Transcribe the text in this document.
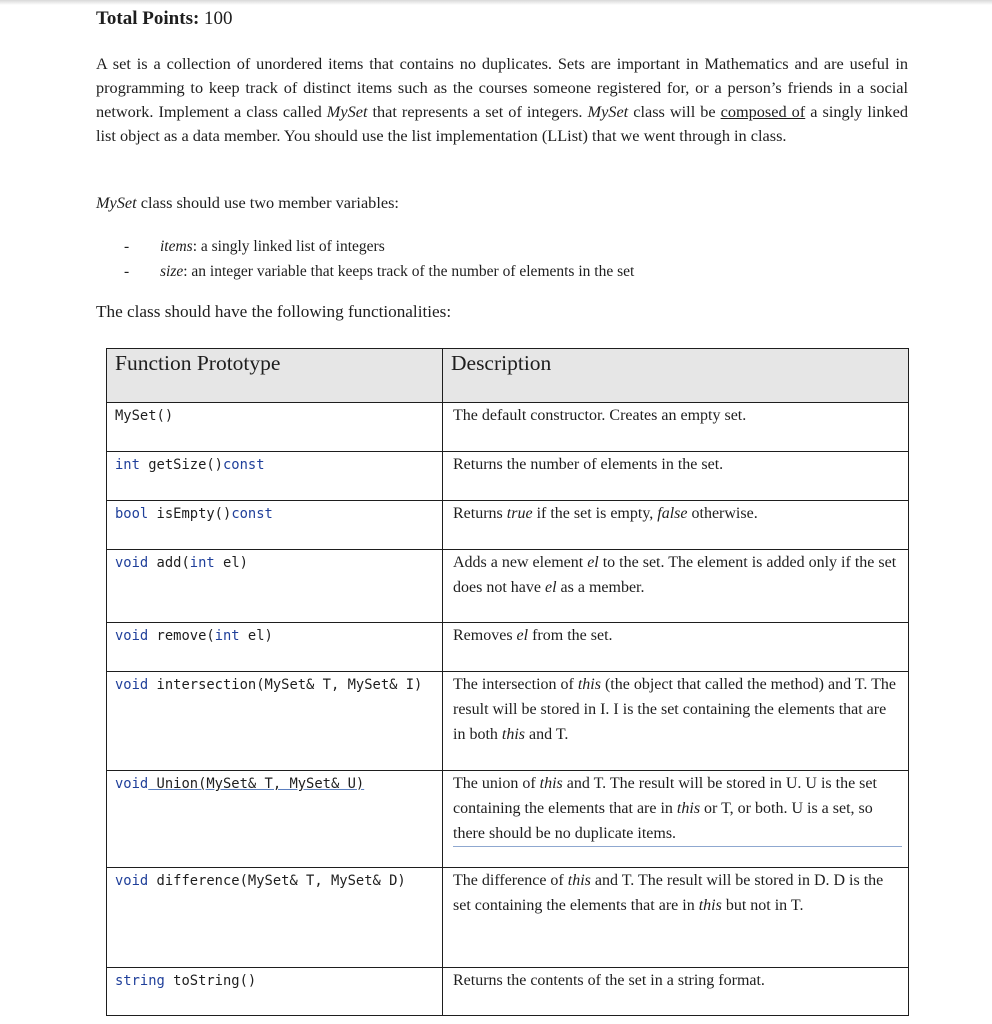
Total Points: 100
A set is a collection of unordered items that contains no duplicates. Sets are important in Mathematics and are useful in programming to keep track of distinct items such as the courses someone registered for, or a person’s friends in a social network. Implement a class called MySet that represents a set of integers. MySet class will be composed of a singly linked list object as a data member. You should use the list implementation (LList) that we went through in class.
MySet class should use two member variables:
-	items: a singly linked list of integers
-	size: an integer variable that keeps track of the number of elements in the set
The class should have the following functionalities:
Function Prototype	Description
MySet()	The default constructor. Creates an empty set.
int getSize()const	Returns the number of elements in the set.
bool isEmpty()const	Returns true if the set is empty, false otherwise.
void add(int el)	Adds a new element el to the set. The element is added only if the set does not have el as a member.
void remove(int el)	Removes el from the set.
void intersection(MySet& T, MySet& I)	The intersection of this (the object that called the method) and T. The result will be stored in I. I is the set containing the elements that are in both this and T.
void Union(MySet& T, MySet& U)	The union of this and T. The result will be stored in U. U is the set containing the elements that are in this or T, or both. U is a set, so there should be no duplicate items.

void difference(MySet& T, MySet& D)	The difference of this and T. The result will be stored in D. D is the set containing the elements that are in this but not in T.
string toString()	Returns the contents of the set in a string format.
